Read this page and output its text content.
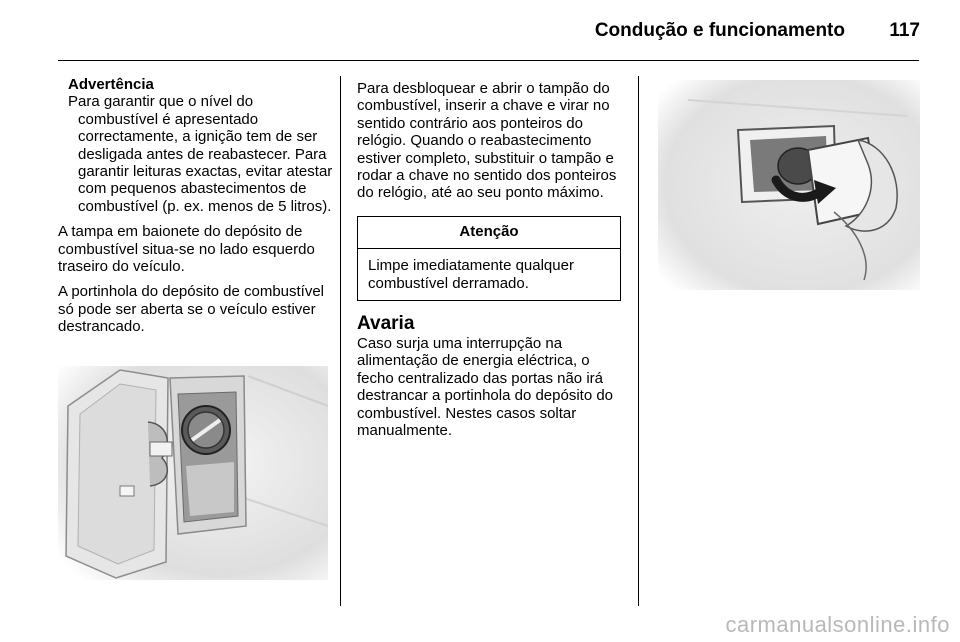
Condução e funcionamento	117
Advertência
Para garantir que o nível do combustível é apresentado correctamente, a ignição tem de ser desligada antes de reabastecer. Para garantir leituras exactas, evitar atestar com pequenos abastecimentos de combustível (p. ex. menos de 5 litros).

A tampa em baionete do depósito de combustível situa-se no lado esquerdo traseiro do veículo.

A portinhola do depósito de combustível só pode ser aberta se o veículo estiver destrancado.

Para desbloquear e abrir o tampão do combustível, inserir a chave e virar no sentido contrário aos ponteiros do relógio. Quando o reabastecimento estiver completo, substituir o tampão e rodar a chave no sentido dos ponteiros do relógio, até ao seu ponto máximo.

Atenção
Limpe imediatamente qualquer combustível derramado.
Avaria

Caso surja uma interrupção na alimentação de energia eléctrica, o fecho centralizado das portas não irá destrancar a portinhola do depósito do combustível. Nestes casos soltar manualmente.

carmanualsonline.info
